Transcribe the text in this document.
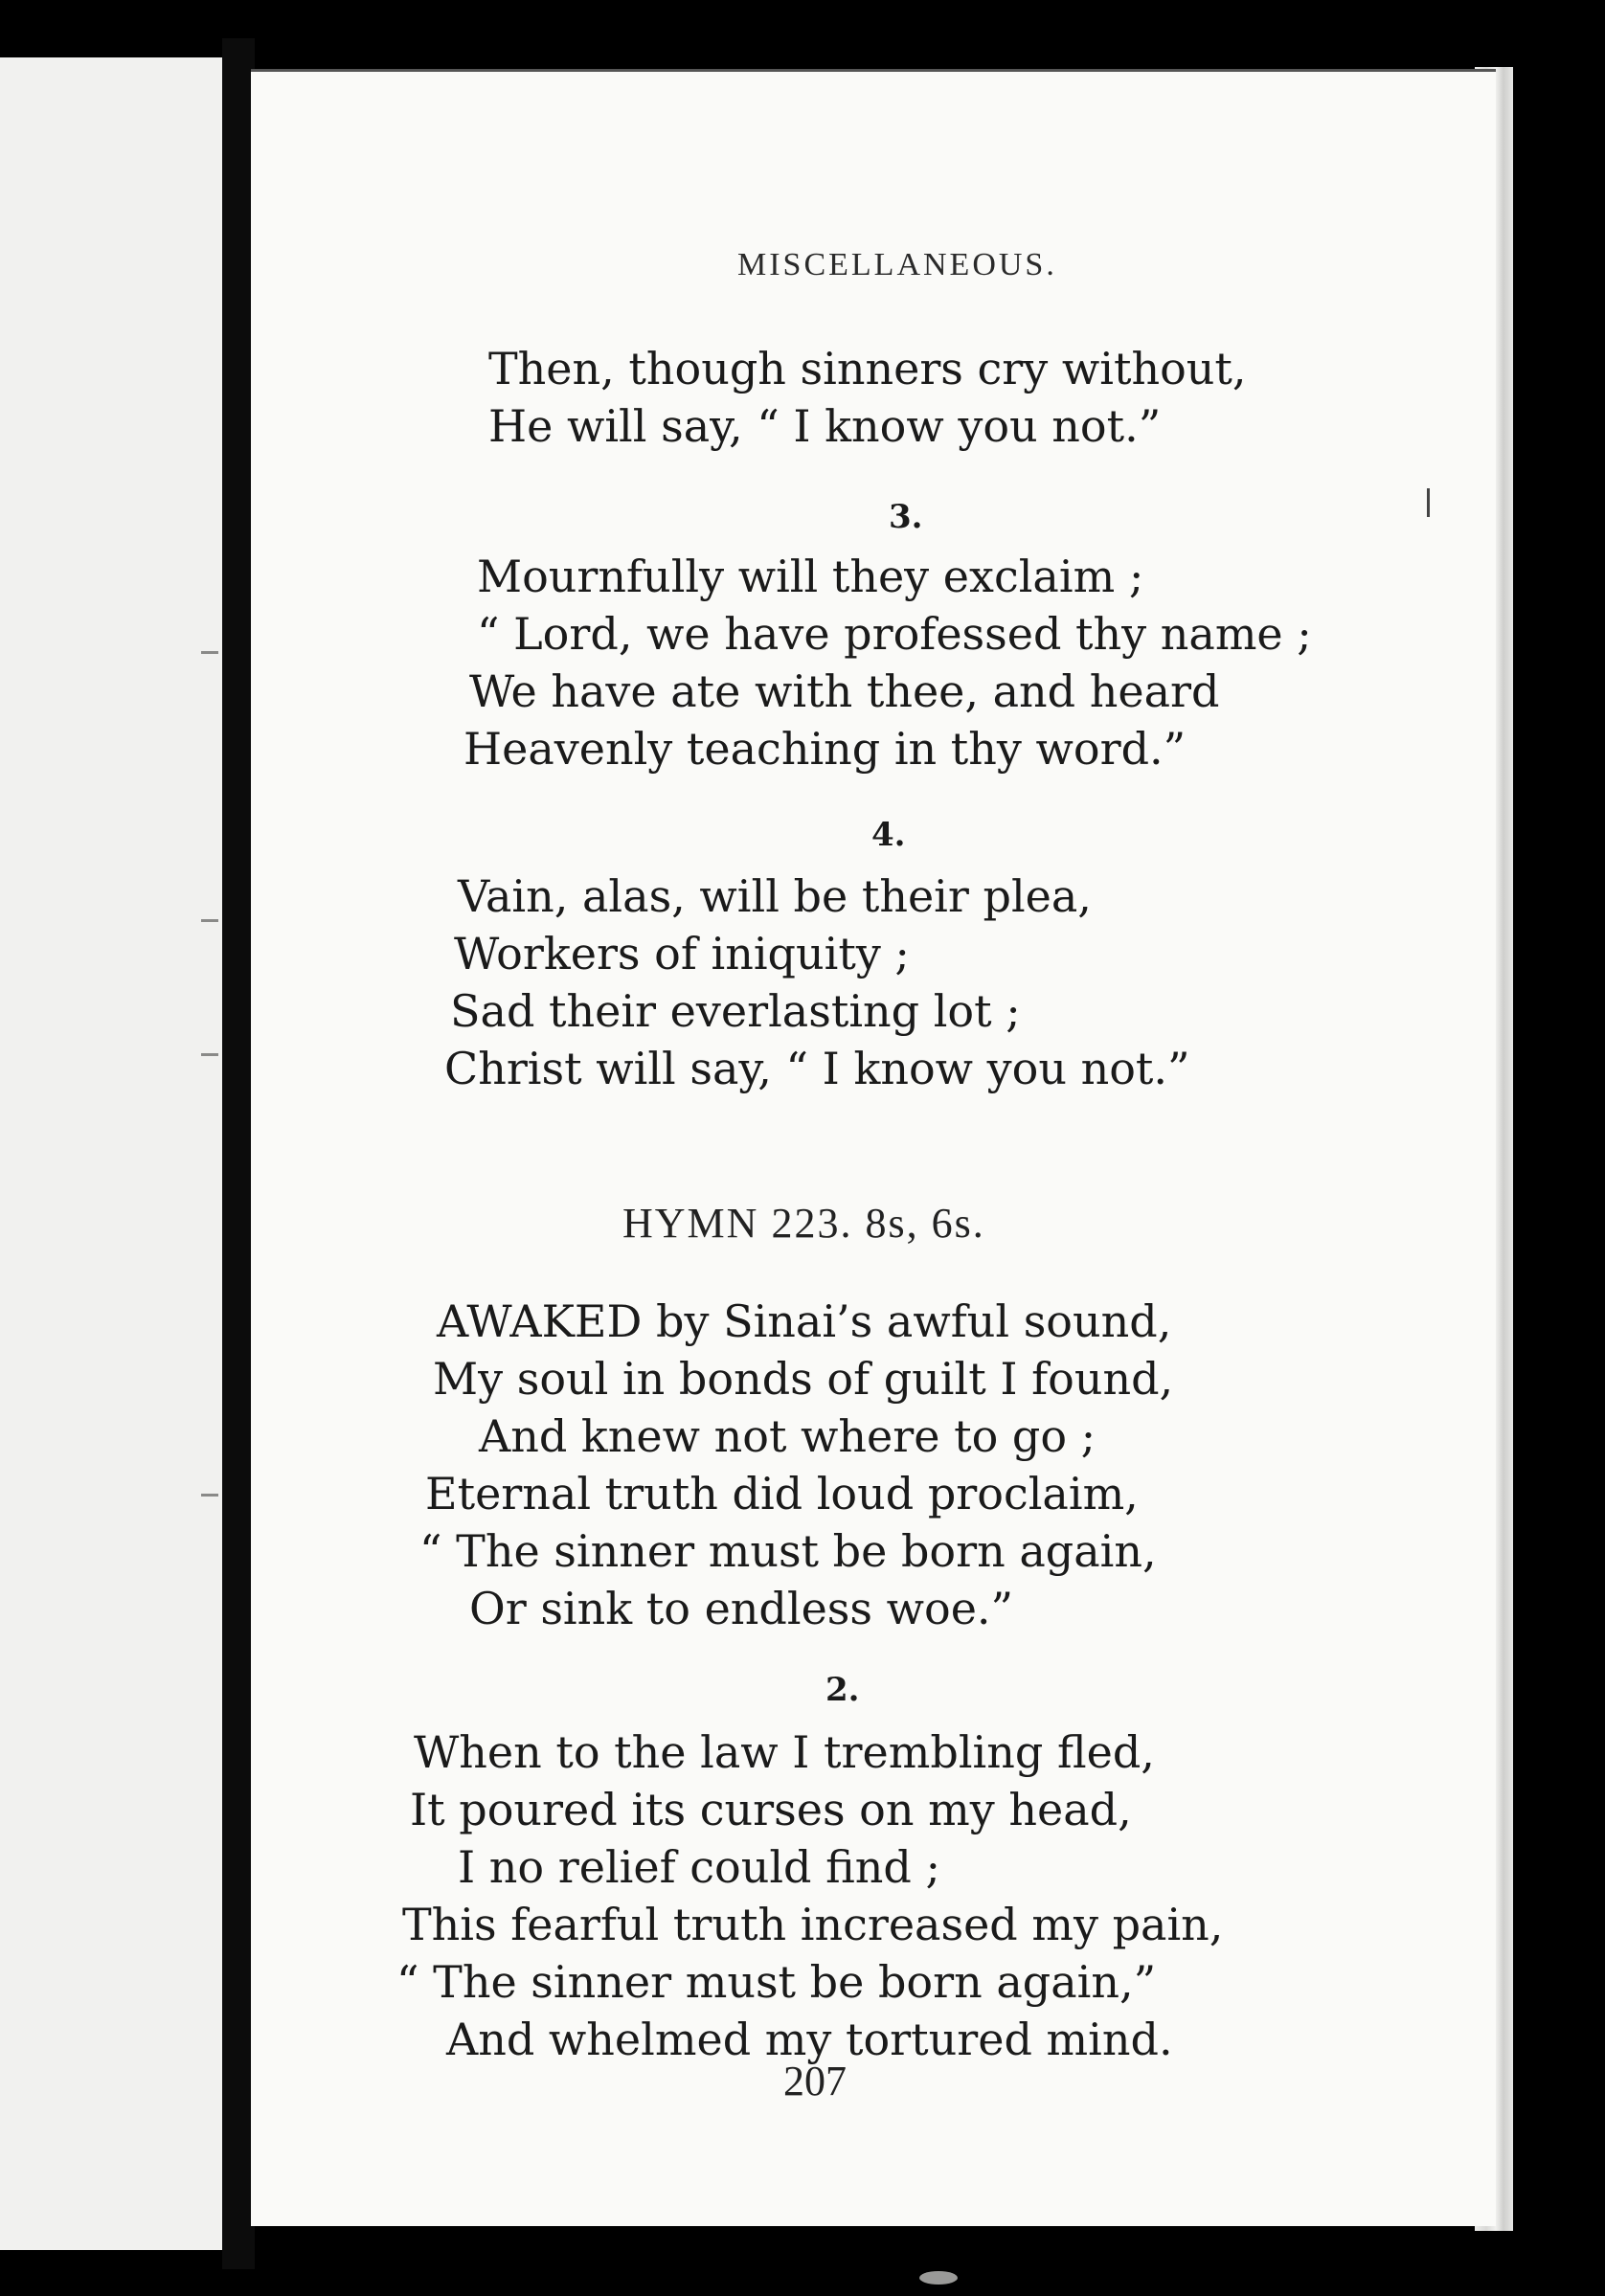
MISCELLANEOUS.
Then, though sinners cry without,
He will say, “ I know you not.”
3.
Mournfully will they exclaim ;
“ Lord, we have professed thy name ;
We have ate with thee, and heard
Heavenly teaching in thy word.”
4.
Vain, alas, will be their plea,
Workers of iniquity ;
Sad their everlasting lot ;
Christ will say, “ I know you not.”
HYMN 223. 8s, 6s.
AWAKED by Sinai’s awful sound,
My soul in bonds of guilt I found,
And knew not where to go ;
Eternal truth did loud proclaim,
“ The sinner must be born again,
Or sink to endless woe.”
2.
When to the law I trembling fled,
It poured its curses on my head,
I no relief could find ;
This fearful truth increased my pain,
“ The sinner must be born again,”
And whelmed my tortured mind.
207
